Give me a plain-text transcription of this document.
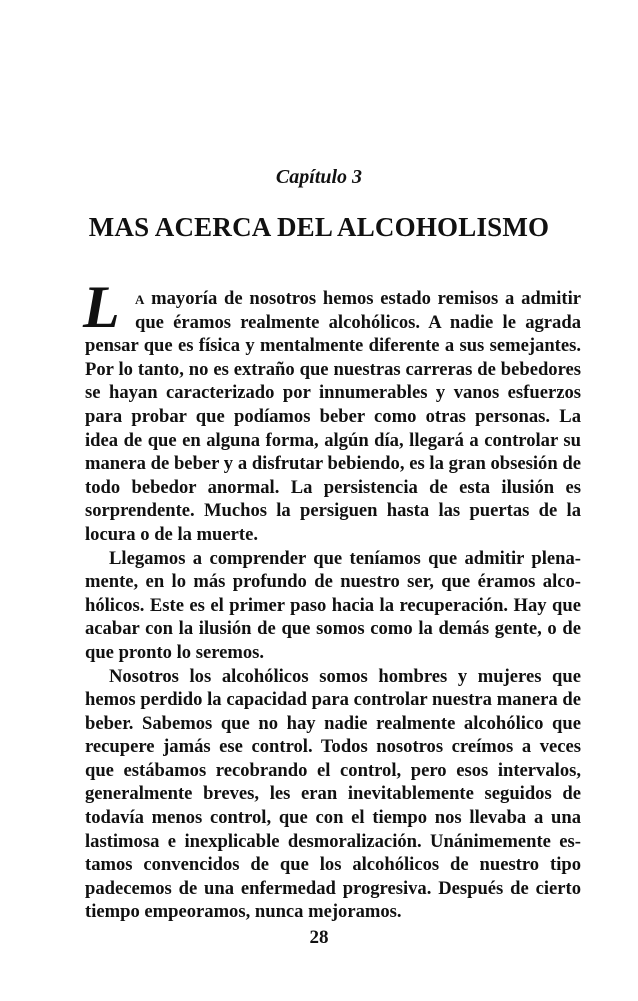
Capítulo 3
MAS ACERCA DEL ALCOHOLISMO

L a mayoría de nosotros hemos estado remisos a admitir que éramos realmente alcohólicos. A nadie le agrada pensar que es física y mentalmente diferente a sus semejantes. Por lo tanto, no es extraño que nuestras carreras de bebedores se hayan caracterizado por innumerables y vanos esfuerzos para probar que podíamos beber como otras personas. La idea de que en alguna forma, algún día, llegará a controlar su manera de beber y a disfrutar bebiendo, es la gran obsesión de todo bebedor anormal. La persistencia de esta ilusión es sorprendente. Muchos la persiguen hasta las puertas de la locura o de la muerte.

Llegamos a comprender que teníamos que admitir plenamente, en lo más profundo de nuestro ser, que éramos alcohólicos. Este es el primer paso hacia la recuperación. Hay que acabar con la ilusión de que somos como la demás gente, o de que pronto lo seremos.

Nosotros los alcohólicos somos hombres y mujeres que hemos perdido la capacidad para controlar nuestra manera de beber. Sabemos que no hay nadie realmente alcohólico que recupere jamás ese control. Todos nosotros creímos a veces que estábamos recobrando el control, pero esos intervalos, generalmente breves, les eran inevitablemente seguidos de todavía menos control, que con el tiempo nos llevaba a una lastimosa e inexplicable desmoralización. Unánimemente estamos convencidos de que los alcohólicos de nuestro tipo padecemos de una enfermedad progresiva. Después de cierto tiempo empeoramos, nunca mejoramos.

28
